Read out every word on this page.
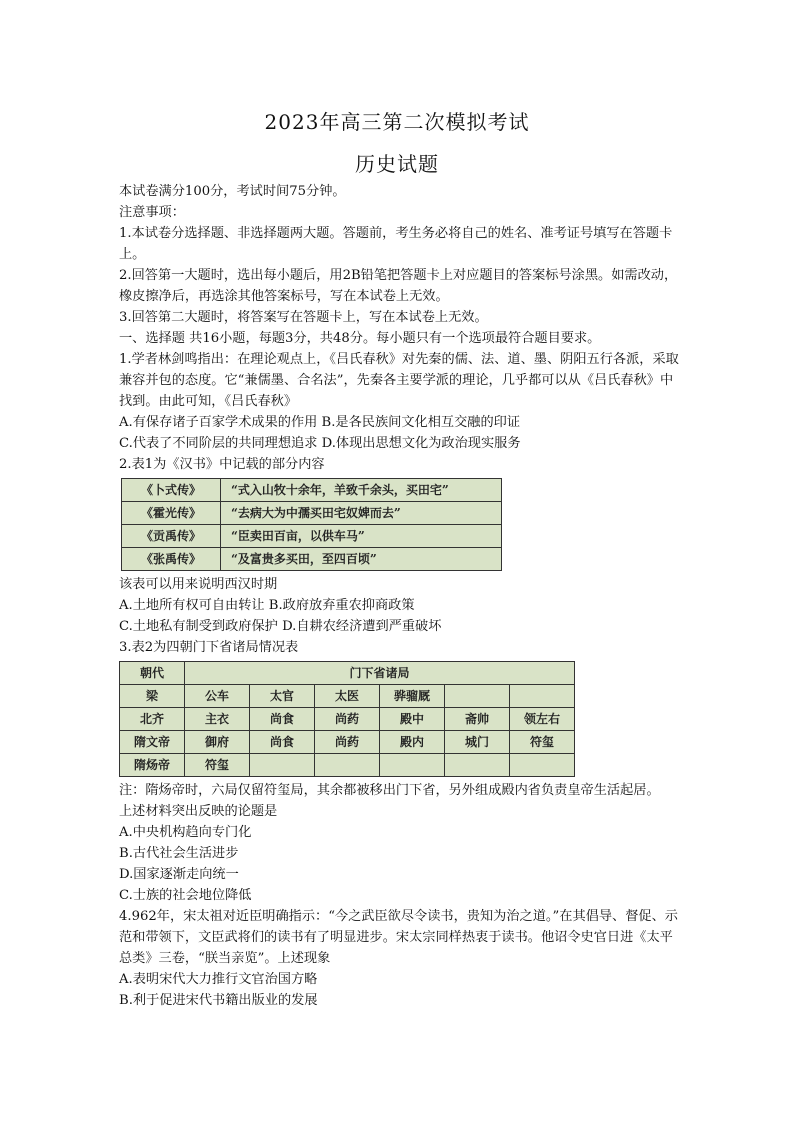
2023年高三第二次模拟考试
历史试题

本试卷满分100分，考试时间75分钟。

注意事项：

1.本试卷分选择题、非选择题两大题。答题前，考生务必将自己的姓名、准考证号填写在答题卡上。

2.回答第一大题时，选出每小题后，用2B铅笔把答题卡上对应题目的答案标号涂黑。如需改动，橡皮擦净后，再选涂其他答案标号，写在本试卷上无效。

3.回答第二大题时，将答案写在答题卡上，写在本试卷上无效。

一、选择题 共16小题，每题3分，共48分。每小题只有一个选项最符合题目要求。

1.学者林剑鸣指出：在理论观点上，《吕氏春秋》对先秦的儒、法、道、墨、阴阳五行各派，采取兼容并包的态度。它“兼儒墨、合名法”，先秦各主要学派的理论，几乎都可以从《吕氏春秋》中找到。由此可知，《吕氏春秋》

A.有保存诸子百家学术成果的作用 B.是各民族间文化相互交融的印证

C.代表了不同阶层的共同理想追求 D.体现出思想文化为政治现实服务

2.表1为《汉书》中记载的部分内容

《卜式传》	“式入山牧十余年，羊致千余头，买田宅”
《霍光传》	“去病大为中孺买田宅奴婢而去”
《贡禹传》	“臣卖田百亩，以供车马”
《张禹传》	“及富贵多买田，至四百顷”

该表可以用来说明西汉时期

A.土地所有权可自由转让 B.政府放弃重农抑商政策

C.土地私有制受到政府保护 D.自耕农经济遭到严重破坏

3.表2为四朝门下省诸局情况表

朝代	门下省诸局					
梁	公车	太官	太医	骅骝厩		
北齐	主衣	尚食	尚药	殿中	斋帅	领左右
隋文帝	御府	尚食	尚药	殿内	城门	符玺
隋炀帝	符玺					

注：隋炀帝时，六局仅留符玺局，其余都被移出门下省，另外组成殿内省负责皇帝生活起居。

上述材料突出反映的论题是

A.中央机构趋向专门化

B.古代社会生活进步

D.国家逐渐走向统一

C.士族的社会地位降低

4.962年，宋太祖对近臣明确指示：“今之武臣欲尽令读书，贵知为治之道。”在其倡导、督促、示范和带领下，文臣武将们的读书有了明显进步。宋太宗同样热衷于读书。他诏令史官日进《太平总类》三卷，“朕当亲览”。上述现象

A.表明宋代大力推行文官治国方略

B.利于促进宋代书籍出版业的发展
